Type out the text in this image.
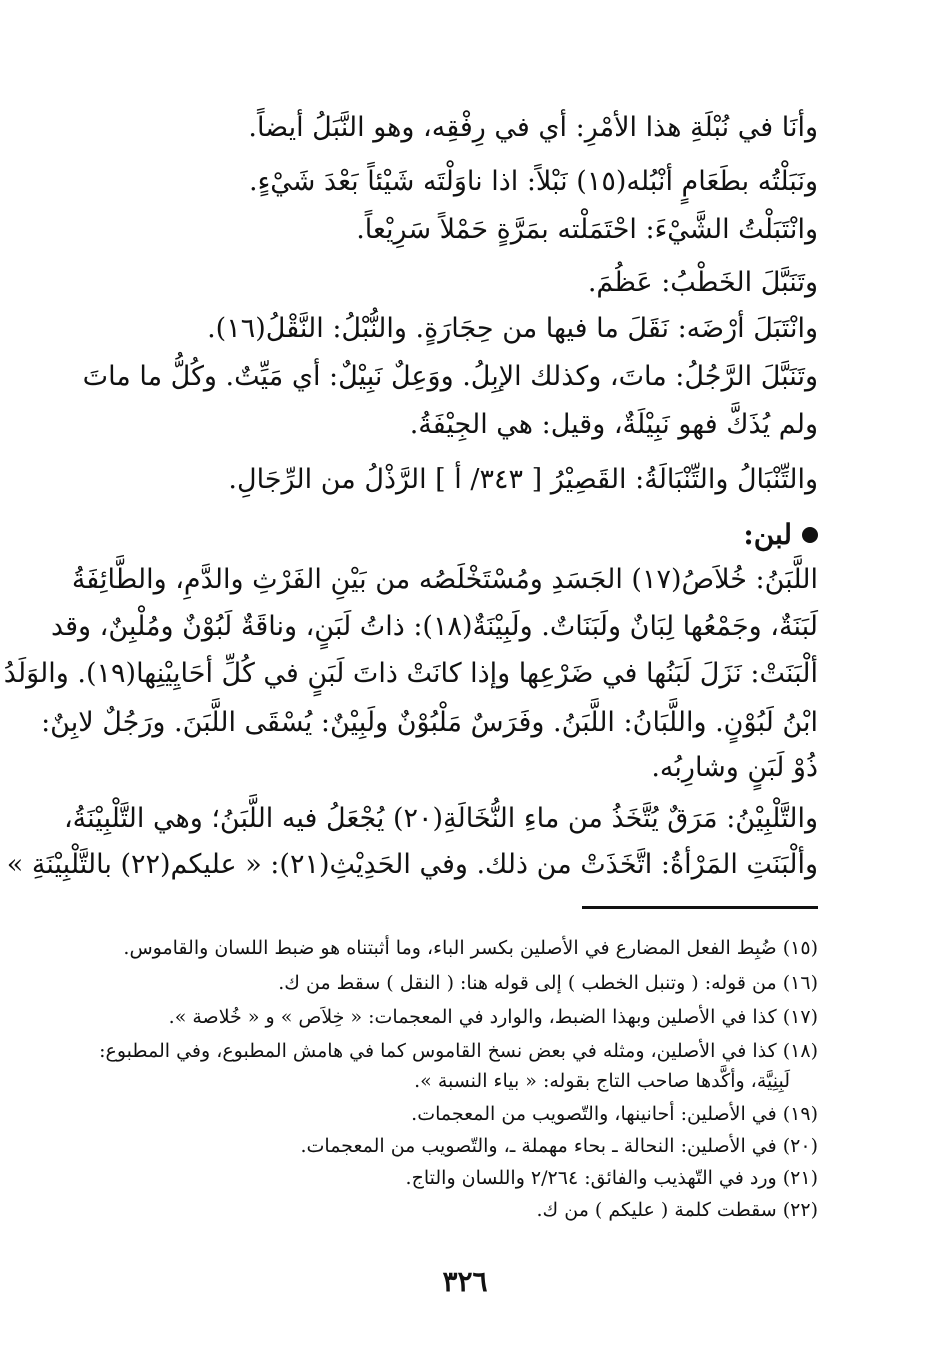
وأنَا في نُبْلَةِ هذا الأمْرِ: أي في رِفْقِه، وهو النَّبَلُ أيضاً.
ونَبَلْتُه بطَعَامٍ أنْبُله(١٥) نَبْلاً: اذا ناوَلْتَه شَيْئاً بَعْدَ شَيْءٍ.
وانْتَبَلْتُ الشَّيْءَ: احْتَمَلْته بمَرَّةٍ حَمْلاً سَرِيْعاً.
وتَنَبَّلَ الخَطْبُ: عَظُمَ.
وانْتَبَلَ أرْضَه: نَقَلَ ما فيها من حِجَارَةٍ. والنُّبْلُ: النَّقْلُ(١٦).
وتَنَبَّلَ الرَّجُلُ: ماتَ، وكذلك الإبِلُ. ووَعِلٌ نَبِيْلٌ: أي مَيِّتٌ. وكُلُّ ما ماتَ
ولم يُذَكَّ فهو نَبِيْلَةٌ، وقيل: هي الجِيْفَةُ.
والتِّنْبَالُ والتِّنْبَالَةُ: القَصِيْرُ [ ٣٤٣/ أ ] الرَّذْلُ من الرِّجَالِ.
لبن:
اللَّبَنُ: خُلاَصُ(١٧) الجَسَدِ ومُسْتَخْلَصُه من بَيْنِ الفَرْثِ والدَّمِ، والطَّائِفَةُ
لَبَنَةٌ، وجَمْعُها لِبَانٌ ولَبَنَاتٌ. ولَبِيْنَةٌ(١٨): ذاتُ لَبَنٍ، وناقَةٌ لَبُوْنٌ ومُلْبِنٌ، وقد
ألْبَنَتْ: نَزَلَ لَبَنُها في ضَرْعِها وإذا كانَتْ ذاتَ لَبَنٍ في كُلِّ أحَايِيْنِها(١٩). والوَلَدُ
ابْنُ لَبُوْنٍ. واللَّبَانُ: اللَّبَنُ. وفَرَسٌ مَلْبُوْنٌ ولَبِيْنٌ: يُسْقَى اللَّبَنَ. ورَجُلٌ لابِنٌ:
ذُوْ لَبَنٍ وشارِبُه.
والتَّلْبِيْنُ: مَرَقٌ يُتَّخَذُ من ماءِ النُّخَالَةِ(٢٠) يُجْعَلُ فيه اللَّبَنُ؛ وهي التَّلْبِيْنَةُ،
وألْبَنَتِ المَرْأةُ: اتَّخَذَتْ من ذلك. وفي الحَدِيْثِ(٢١): « عليكم(٢٢) بالتَّلْبِيْنَةِ »
(١٥) ضُبِط الفعل المضارع في الأصلين بكسر الباء، وما أثبتناه هو ضبط اللسان والقاموس.
(١٦) من قوله: ( وتنبل الخطب ) إلى قوله هنا: ( النقل ) سقط من ك.
(١٧) كذا في الأصلين وبهذا الضبط، والوارد في المعجمات: « خِلاَص » و « خُلاصة ».
(١٨) كذا في الأصلين، ومثله في بعض نسخ القاموس كما في هامش المطبوع، وفي المطبوع:
لَبِنِيَّة، وأكَّدها صاحب التاج بقوله: « بياء النسبة ».
(١٩) في الأصلين: أحانينها، والتّصويب من المعجمات.
(٢٠) في الأصلين: النحالة ـ بحاء مهملة ـ، والتّصويب من المعجمات.
(٢١) ورد في التّهذيب والفائق: ٢/٢٦٤ واللسان والتاج.
(٢٢) سقطت كلمة ( عليكم ) من ك.
٣٢٦
